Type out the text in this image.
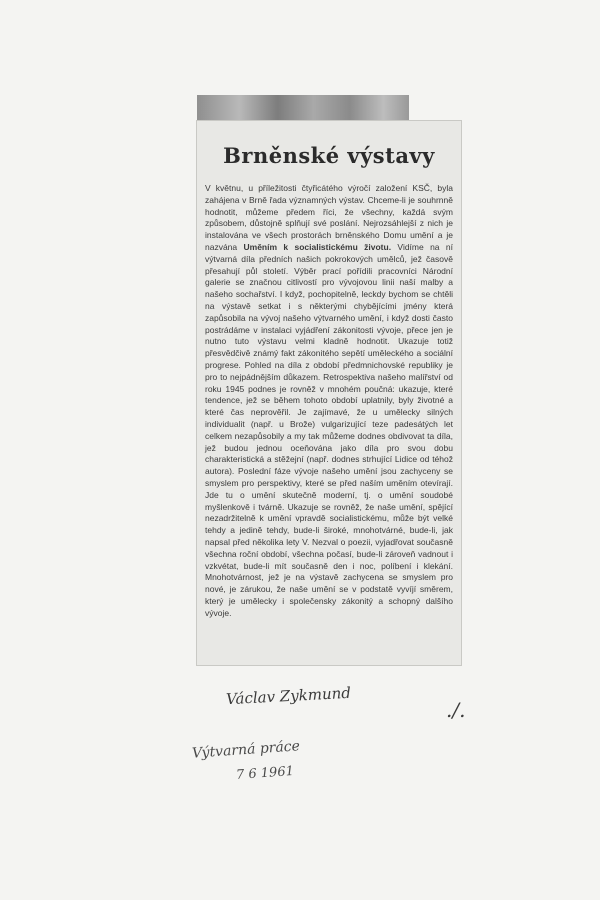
Brněnské výstavy

V květnu, u příležitosti čtyřicátého výročí založení KSČ, byla zahájena v Brně řada významných výstav. Chceme-li je souhrnně hodnotit, můžeme předem říci, že všechny, každá svým způsobem, důstojně splňují své poslání. Nejrozsáhlejší z nich je instalována ve všech prostorách brněnského Domu umění a je nazvána Uměním k socialistickému životu. Vidíme na ní výtvarná díla předních našich pokrokových umělců, jež časově přesahují půl století. Výběr prací pořídili pracovníci Národní galerie se značnou citlivostí pro vývojovou linii naší malby a našeho sochařství. I když, pochopitelně, leckdy bychom se chtěli na výstavě setkat i s některými chybějícími jmény která zapůsobila na vývoj našeho výtvarného umění, i když dosti často postrádáme v instalaci vyjádření zákonitosti vývoje, přece jen je nutno tuto výstavu velmi kladně hodnotit. Ukazuje totiž přesvědčivě známý fakt zákonitého sepětí uměleckého a sociální progrese. Pohled na díla z období předmnichovské republiky je pro to nejpádnějším důkazem. Retrospektiva našeho malířství od roku 1945 podnes je rovněž v mnohém poučná: ukazuje, které tendence, jež se během tohoto období uplatnily, byly životné a které čas neprověřil. Je zajímavé, že u umělecky silných individualit (např. u Brože) vulgarizující teze padesátých let celkem nezapůsobily a my tak můžeme dodnes obdivovat ta díla, jež budou jednou oceňována jako díla pro svou dobu charakteristická a stěžejní (např. dodnes strhující Lidice od téhož autora). Poslední fáze vývoje našeho umění jsou zachyceny se smyslem pro perspektivy, které se před naším uměním otevírají. Jde tu o umění skutečně moderní, tj. o umění soudobé myšlenkově i tvárně. Ukazuje se rovněž, že naše umění, spějící nezadržitelně k umění vpravdě socialistickému, může být velké tehdy a jedině tehdy, bude-li široké, mnohotvárné, bude-li, jak napsal před několika lety V. Nezval o poezii, vyjadřovat současně všechna roční období, všechna počasí, bude-li zároveň vadnout i vzkvétat, bude-li mít současně den i noc, políbení i klekání. Mnohotvárnost, jež je na výstavě zachycena se smyslem pro nové, je zárukou, že naše umění se v podstatě vyvíjí směrem, který je umělecky i společensky zákonitý a schopný dalšího vývoje.

Václav Zykmund
./.
Výtvarná práce
7 6 1961
